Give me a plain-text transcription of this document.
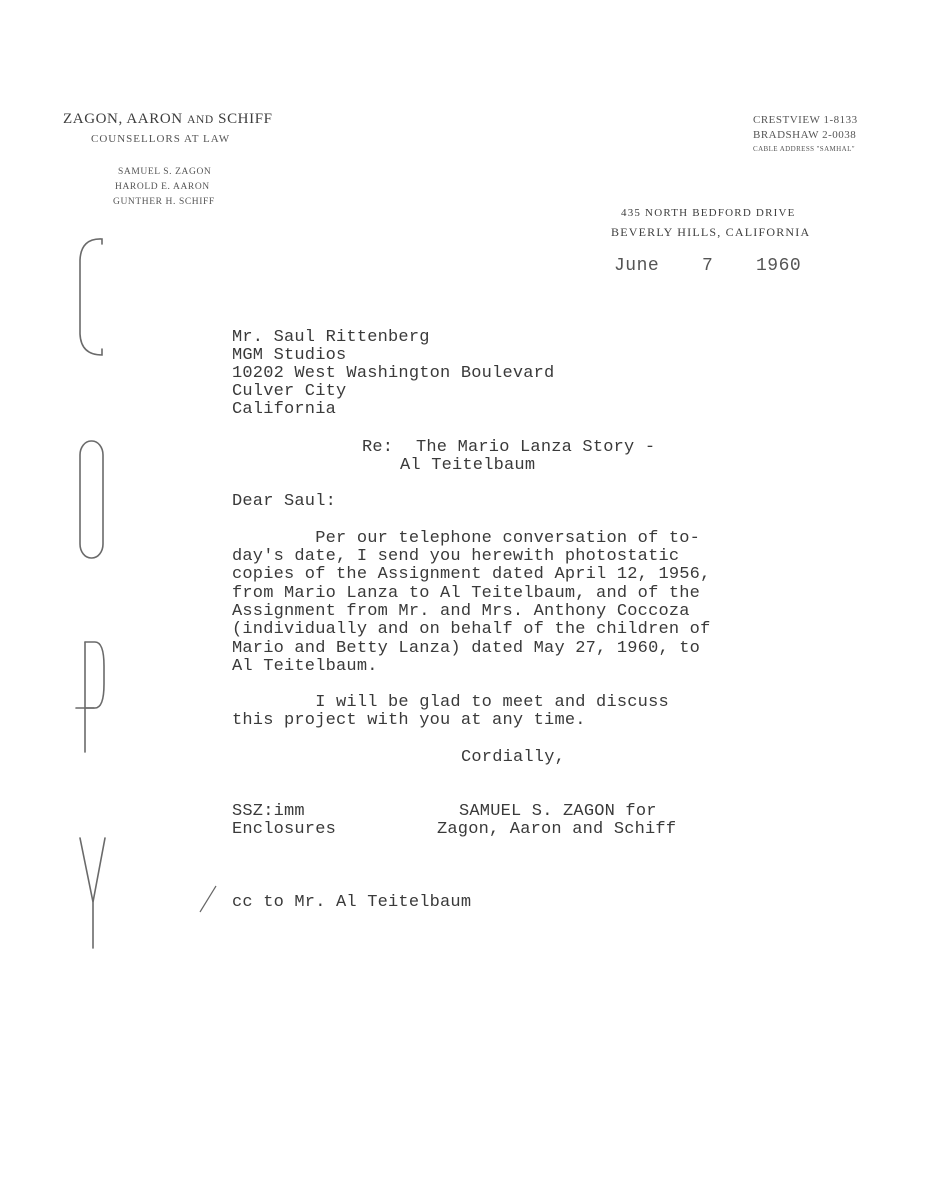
ZAGON, AARON AND SCHIFF
COUNSELLORS AT LAW
SAMUEL S. ZAGON
HAROLD E. AARON
GUNTHER H. SCHIFF
CRESTVIEW 1-8133
BRADSHAW 2-0038
CABLE ADDRESS "SAMHAL"
435 NORTH BEDFORD DRIVE
BEVERLY HILLS, CALIFORNIA
June 7 1960
Mr. Saul Rittenberg
MGM Studios
10202 West Washington Boulevard
Culver City
California
Re: The Mario Lanza Story -
Al Teitelbaum
Dear Saul:
Per our telephone conversation of to-
day's date, I send you herewith photostatic
copies of the Assignment dated April 12, 1956,
from Mario Lanza to Al Teitelbaum, and of the
Assignment from Mr. and Mrs. Anthony Coccoza
(individually and on behalf of the children of
Mario and Betty Lanza) dated May 27, 1960, to
Al Teitelbaum.
I will be glad to meet and discuss
this project with you at any time.
Cordially,
SSZ:imm
Enclosures
SAMUEL S. ZAGON for
Zagon, Aaron and Schiff
cc to Mr. Al Teitelbaum
